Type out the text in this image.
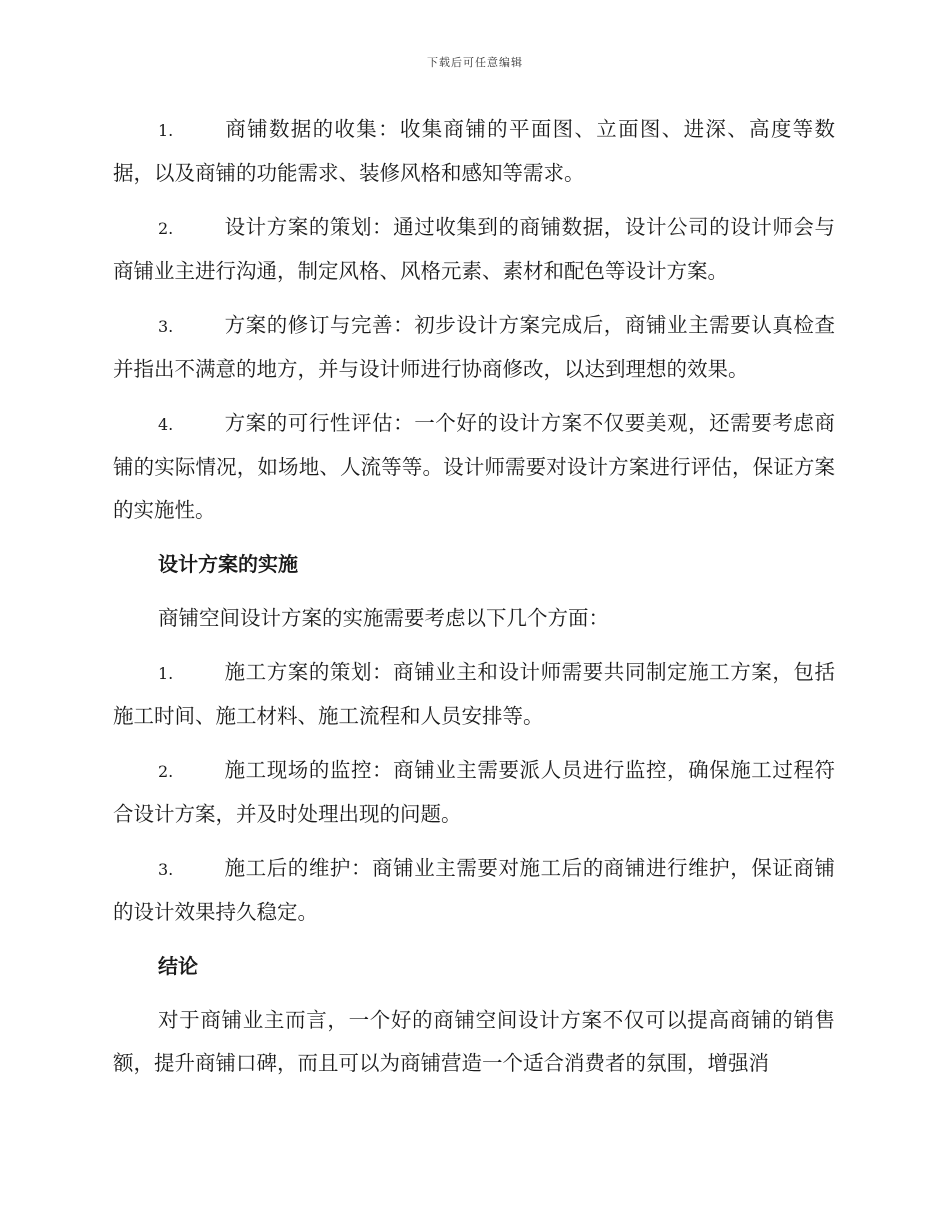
下载后可任意编辑
1. 商铺数据的收集：收集商铺的平面图、立面图、进深、高度等数据，以及商铺的功能需求、装修风格和感知等需求。
2. 设计方案的策划：通过收集到的商铺数据，设计公司的设计师会与商铺业主进行沟通，制定风格、风格元素、素材和配色等设计方案。
3. 方案的修订与完善：初步设计方案完成后，商铺业主需要认真检查并指出不满意的地方，并与设计师进行协商修改，以达到理想的效果。
4. 方案的可行性评估：一个好的设计方案不仅要美观，还需要考虑商铺的实际情况，如场地、人流等等。设计师需要对设计方案进行评估，保证方案的实施性。
设计方案的实施
商铺空间设计方案的实施需要考虑以下几个方面：
1. 施工方案的策划：商铺业主和设计师需要共同制定施工方案，包括施工时间、施工材料、施工流程和人员安排等。
2. 施工现场的监控：商铺业主需要派人员进行监控，确保施工过程符合设计方案，并及时处理出现的问题。
3. 施工后的维护：商铺业主需要对施工后的商铺进行维护，保证商铺的设计效果持久稳定。
结论
对于商铺业主而言，一个好的商铺空间设计方案不仅可以提高商铺的销售额，提升商铺口碑，而且可以为商铺营造一个适合消费者的氛围，增强消
